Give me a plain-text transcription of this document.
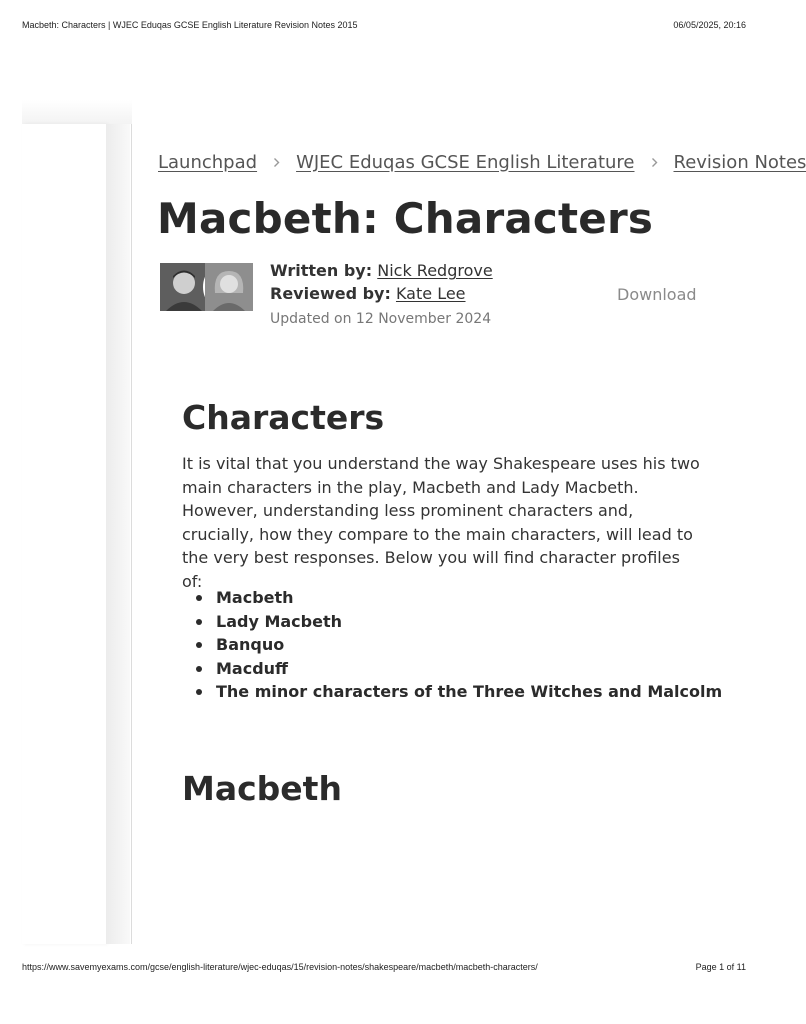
Macbeth: Characters | WJEC Eduqas GCSE English Literature Revision Notes 2015	06/05/2025, 20:16
Launchpad WJEC Eduqas GCSE English Literature Revision Notes
Macbeth: Characters
Written by: Nick Redgrove
Reviewed by: Kate Lee
Updated on 12 November 2024
Download
Characters

It is vital that you understand the way Shakespeare uses his two main characters in the play, Macbeth and Lady Macbeth. However, understanding less prominent characters and, crucially, how they compare to the main characters, will lead to the very best responses. Below you will find character profiles of:

Macbeth
Lady Macbeth
Banquo
Macduff
The minor characters of the Three Witches and Malcolm
Macbeth
https://www.savemyexams.com/gcse/english-literature/wjec-eduqas/15/revision-notes/shakespeare/macbeth/macbeth-characters/	Page 1 of 11
